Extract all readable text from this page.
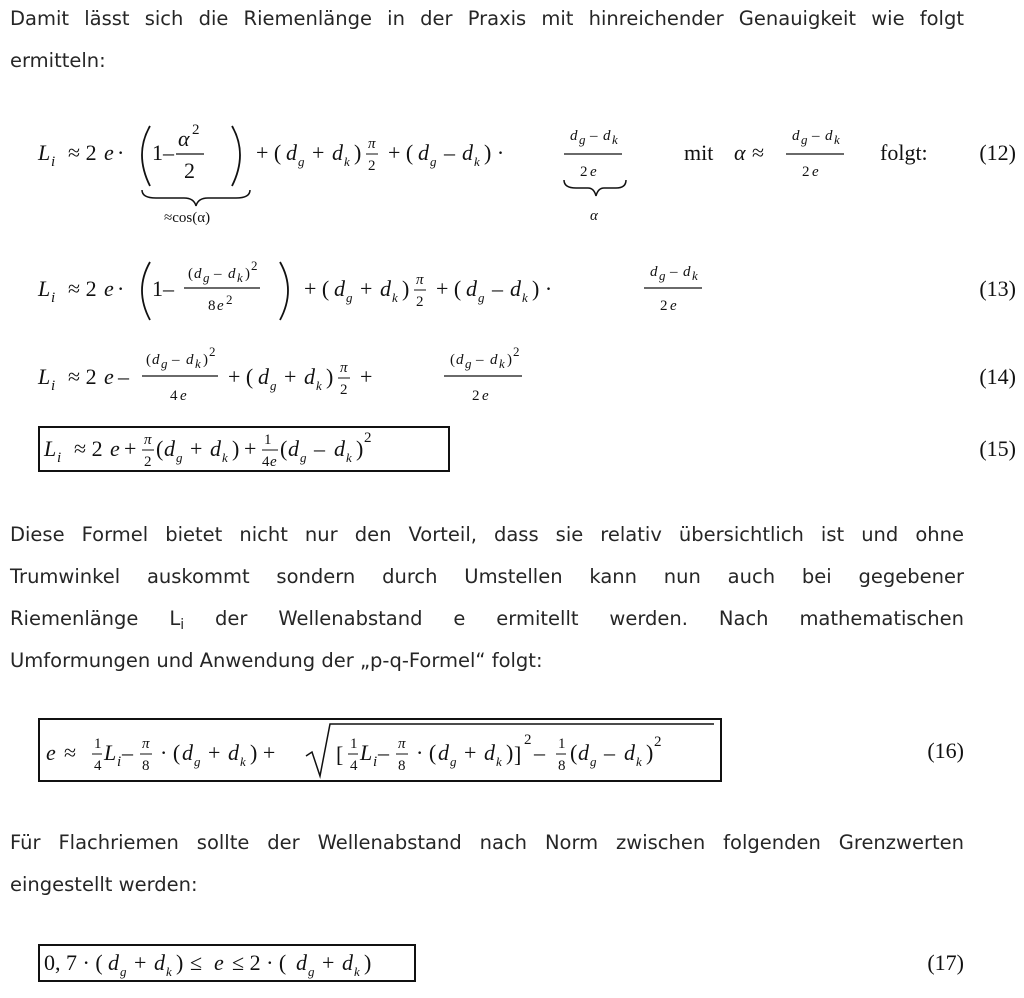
Damit lässt sich die Riemenlänge in der Praxis mit hinreichender Genauigkeit wie folgt
ermitteln:
L i ≈ 2 e · 1–
α 2
2
≈cos(α)
+ ( d g + d k ) π
2
+ ( d g – d k ) ·
d g – d k
2 e
α
mit α ≈
d g – d k
2 e
folgt: (12)
L i ≈ 2 e · 1–
( d g – d k )
2
8 e 2	+ ( d g + d k ) π
2
+ ( d g – d k ) ·
d g – d k
2 e
(13)
L i ≈ 2 e –
( d g – d k )
2
4 e
+ ( d g + d k ) π
2
+
( d g – d k )
2
2 e
(14)
L i ≈ 2 e + π
2
( d g + d k ) + 1
4 e
( d g – d k ) 2	(15)
Diese Formel bietet nicht nur den Vorteil, dass sie relativ übersichtlich ist und ohne
Trumwinkel auskommt sondern durch Umstellen kann nun auch bei gegebener
Riemenlänge $L_i$ der Wellenabstand e ermitellt werden. Nach mathematischen
Umformungen und Anwendung der „p-q-Formel“ folgt:
e ≈ 1
4
L i – π
8
· ( d g + d k ) +	[ 1
4
L i – π
8
· ( d g + d k ) ]
2 – 1
8
( d g – d k ) 2	(16)
Für Flachriemen sollte der Wellenabstand nach Norm zwischen folgenden Grenzwerten
eingestellt werden:
0, 7 · ( d g + d k ) ≤ e ≤ 2 · ( d g + d k )	(17)
